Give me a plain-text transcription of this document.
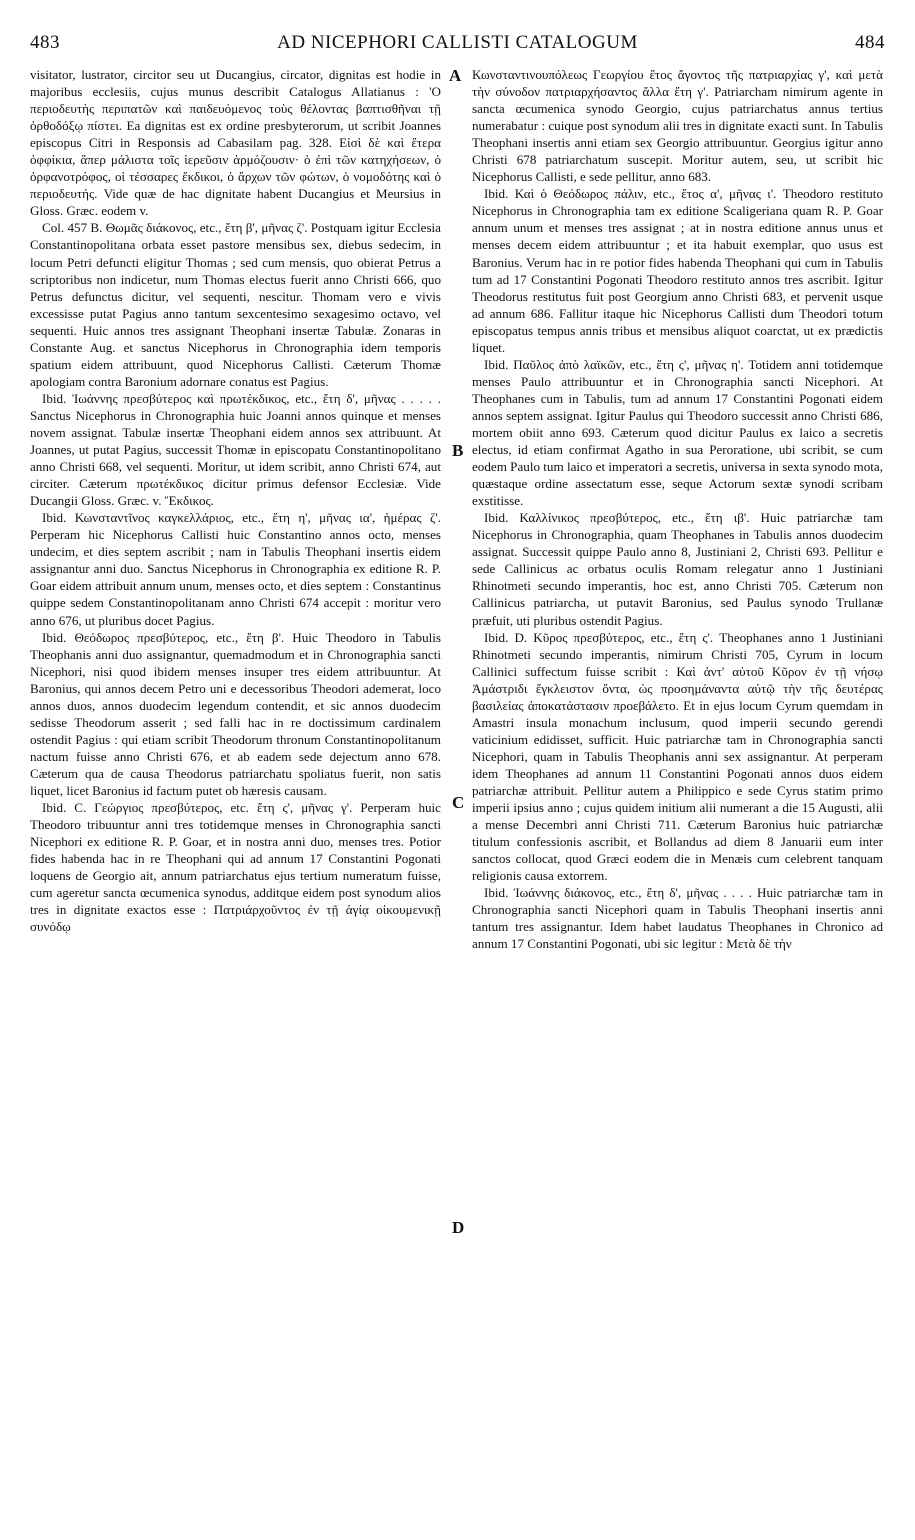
483	AD NICEPHORI CALLISTI CATALOGUM	484
A
B
C
D

visitator, lustrator, circitor seu ut Ducangius, circator, dignitas est hodie in majoribus ecclesiis, cujus munus describit Catalogus Allatianus : 'Ο περιοδευτὴς περιπατῶν καὶ παιδευόμενος τοὺς θέλοντας βαπτισθῆναι τῇ ὀρθοδόξῳ πίστει. Ea dignitas est ex ordine presbyterorum, ut scribit Joannes episcopus Citri in Responsis ad Cabasilam pag. 328. Εἰσὶ δὲ καὶ ἕτερα ὀφφίκια, ἅπερ μάλιστα τοῖς ἱερεῦσιν ἁρμόζουσιν· ὁ ἐπὶ τῶν κατηχήσεων, ὁ ὀρφανοτρόφος, οἱ τέσσαρες ἔκδικοι, ὁ ἄρχων τῶν φώτων, ὁ νομοδότης καὶ ὁ περιοδευτής. Vide quæ de hac dignitate habent Ducangius et Meursius in Gloss. Græc. eodem v.

Col. 457 B. Θωμᾶς διάκονος, etc., ἔτη β', μῆνας ζ'. Postquam igitur Ecclesia Constantinopolitana orbata esset pastore mensibus sex, diebus sedecim, in locum Petri defuncti eligitur Thomas ; sed cum mensis, quo obierat Petrus a scriptoribus non indicetur, num Thomas electus fuerit anno Christi 666, quo Petrus defunctus dicitur, vel sequenti, nescitur. Thomam vero e vivis excessisse putat Pagius anno tantum sexcentesimo sexagesimo octavo, vel sequenti. Huic annos tres assignant Theophani insertæ Tabulæ. Zonaras in Constante Aug. et sanctus Nicephorus in Chronographia idem temporis spatium eidem attribuunt, quod Nicephorus Callisti. Cæterum Thomæ apologiam contra Baronium adornare conatus est Pagius.

Ibid. Ἰωάννης πρεσβύτερος καὶ πρωτέκδικος, etc., ἔτη δ', μῆνας . . . . . Sanctus Nicephorus in Chronographia huic Joanni annos quinque et menses novem assignat. Tabulæ insertæ Theophani eidem annos sex attribuunt. At Joannes, ut putat Pagius, successit Thomæ in episcopatu Constantinopolitano anno Christi 668, vel sequenti. Moritur, ut idem scribit, anno Christi 674, aut circiter. Cæterum πρωτέκδικος dicitur primus defensor Ecclesiæ. Vide Ducangii Gloss. Græc. v. Ἔκδικος.

Ibid. Κωνσταντῖνος καγκελλάριος, etc., ἔτη η', μῆνας ια', ἡμέρας ζ'. Perperam hic Nicephorus Callisti huic Constantino annos octo, menses undecim, et dies septem ascribit ; nam in Tabulis Theophani insertis eidem assignantur anni duo. Sanctus Nicephorus in Chronographia ex editione R. P. Goar eidem attribuit annum unum, menses octo, et dies septem : Constantinus quippe sedem Constantinopolitanam anno Christi 674 accepit : moritur vero anno 676, ut pluribus docet Pagius.

Ibid. Θεόδωρος πρεσβύτερος, etc., ἔτη β'. Huic Theodoro in Tabulis Theophanis anni duo assignantur, quemadmodum et in Chronographia sancti Nicephori, nisi quod ibidem menses insuper tres eidem attribuuntur. At Baronius, qui annos decem Petro uni e decessoribus Theodori ademerat, loco annos duos, annos duodecim legendum contendit, et sic annos duodecim sedisse Theodorum asserit ; sed falli hac in re doctissimum cardinalem ostendit Pagius : qui etiam scribit Theodorum thronum Constantinopolitanum nactum fuisse anno Christi 676, et ab eadem sede dejectum anno 678. Cæterum qua de causa Theodorus patriarchatu spoliatus fuerit, non satis liquet, licet Baronius id factum putet ob hæresis causam.

Ibid. C. Γεώργιος πρεσβύτερος, etc. ἔτη ς', μῆνας γ'. Perperam huic Theodoro tribuuntur anni tres totidemque menses in Chronographia sancti Nicephori ex editione R. P. Goar, et in nostra anni duo, menses tres. Potior fides habenda hac in re Theophani qui ad annum 17 Constantini Pogonati loquens de Georgio ait, annum patriarchatus ejus tertium numeratum fuisse, cum ageretur sancta œcumenica synodus, additque eidem post synodum alios tres in dignitate exactos esse : Πατριάρχοῦντος ἐν τῇ ἁγίᾳ οἰκουμενικῇ συνόδῳ

Κωνσταντινουπόλεως Γεωργίου ἔτος ἄγοντος τῆς πατριαρχίας γ', καὶ μετὰ τὴν σύνοδον πατριαρχήσαντος ἄλλα ἔτη γ'. Patriarcham nimirum agente in sancta œcumenica synodo Georgio, cujus patriarchatus annus tertius numerabatur : cuique post synodum alii tres in dignitate exacti sunt. In Tabulis Theophani insertis anni etiam sex Georgio attribuuntur. Georgius igitur anno Christi 678 patriarchatum suscepit. Moritur autem, seu, ut scribit hic Nicephorus Callisti, e sede pellitur, anno 683.

Ibid. Καὶ ὁ Θεόδωρος πάλιν, etc., ἔτος α', μῆνας ι'. Theodoro restituto Nicephorus in Chronographia tam ex editione Scaligeriana quam R. P. Goar annum unum et menses tres assignat ; at in nostra editione annus unus et menses decem eidem attribuuntur ; et ita habuit exemplar, quo usus est Baronius. Verum hac in re potior fides habenda Theophani qui cum in Tabulis tum ad 17 Constantini Pogonati Theodoro restituto annos tres ascribit. Igitur Theodorus restitutus fuit post Georgium anno Christi 683, et pervenit usque ad annum 686. Fallitur itaque hic Nicephorus Callisti dum Theodori totum episcopatus tempus annis tribus et mensibus aliquot coarctat, ut ex prædictis liquet.

Ibid. Παῦλος ἀπὸ λαϊκῶν, etc., ἔτη ς', μῆνας η'. Totidem anni totidemque menses Paulo attribuuntur et in Chronographia sancti Nicephori. At Theophanes cum in Tabulis, tum ad annum 17 Constantini Pogonati eidem annos septem assignat. Igitur Paulus qui Theodoro successit anno Christi 686, mortem obiit anno 693. Cæterum quod dicitur Paulus ex laico a secretis electus, id etiam confirmat Agatho in sua Peroratione, ubi scribit, se cum eodem Paulo tum laico et imperatori a secretis, universa in sexta synodo mota, quæstaque ordine assectatum esse, seque Actorum sextæ synodi scribam exstitisse.

Ibid. Καλλίνικος πρεσβύτερος, etc., ἔτη ιβ'. Huic patriarchæ tam Nicephorus in Chronographia, quam Theophanes in Tabulis annos duodecim assignat. Successit quippe Paulo anno 8, Justiniani 2, Christi 693. Pellitur e sede Callinicus ac orbatus oculis Romam relegatur anno 1 Justiniani Rhinotmeti secundo imperantis, hoc est, anno Christi 705. Cæterum non Callinicus patriarcha, ut putavit Baronius, sed Paulus synodo Trullanæ præfuit, uti pluribus ostendit Pagius.

Ibid. D. Κῦρος πρεσβύτερος, etc., ἔτη ς'. Theophanes anno 1 Justiniani Rhinotmeti secundo imperantis, nimirum Christi 705, Cyrum in locum Callinici suffectum fuisse scribit : Καὶ ἀντ' αὐτοῦ Κῦρον ἐν τῇ νήσῳ Ἀμάστριδι ἔγκλειστον ὄντα, ὡς προσημάναντα αὐτῷ τὴν τῆς δευτέρας βασιλείας ἀποκατάστασιν προεβάλετο. Et in ejus locum Cyrum quemdam in Amastri insula monachum inclusum, quod imperii secundo gerendi vaticinium edidisset, sufficit. Huic patriarchæ tam in Chronographia sancti Nicephori, quam in Tabulis Theophanis anni sex assignantur. At perperam idem Theophanes ad annum 11 Constantini Pogonati annos duos eidem patriarchæ attribuit. Pellitur autem a Philippico e sede Cyrus statim primo imperii ipsius anno ; cujus quidem initium alii numerant a die 15 Augusti, alii a mense Decembri anni Christi 711. Cæterum Baronius huic patriarchæ titulum confessionis ascribit, et Bollandus ad diem 8 Januarii eum inter sanctos collocat, quod Græci eodem die in Menæis cum celebrent tanquam religionis causa extorrem.

Ibid. Ἰωάννης διάκονος, etc., ἔτη δ', μῆνας . . . . Huic patriarchæ tam in Chronographia sancti Nicephori quam in Tabulis Theophani insertis anni tantum tres assignantur. Idem habet laudatus Theophanes in Chronico ad annum 17 Constantini Pogonati, ubi sic legitur : Μετὰ δὲ τὴν
